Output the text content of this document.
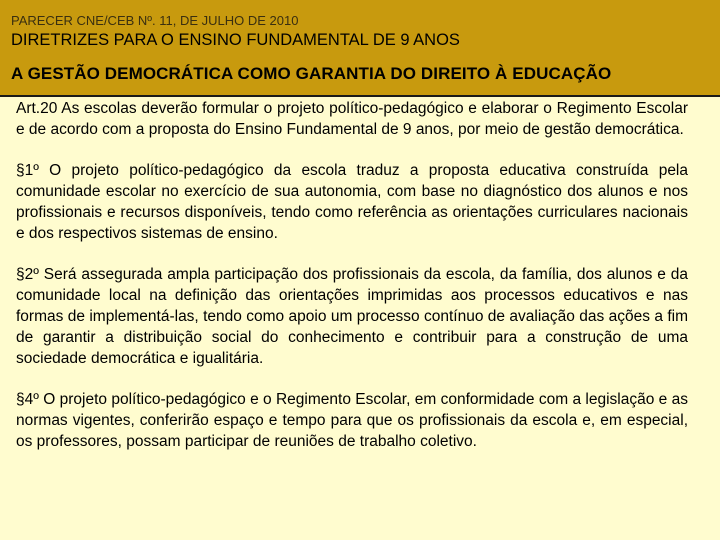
PARECER CNE/CEB Nº. 11, DE JULHO DE 2010
DIRETRIZES PARA O ENSINO FUNDAMENTAL DE 9 ANOS
A GESTÃO DEMOCRÁTICA COMO GARANTIA DO DIREITO À EDUCAÇÃO

Art.20 As escolas deverão formular o projeto político-pedagógico e elaborar o Regimento Escolar e de acordo com a proposta do Ensino Fundamental de 9 anos, por meio de gestão democrática.

§1º O projeto político-pedagógico da escola traduz a proposta educativa construída pela comunidade escolar no exercício de sua autonomia, com base no diagnóstico dos alunos e nos profissionais e recursos disponíveis, tendo como referência as orientações curriculares nacionais e dos respectivos sistemas de ensino.

§2º Será assegurada ampla participação dos profissionais da escola, da família, dos alunos e da comunidade local na definição das orientações imprimidas aos processos educativos e nas formas de implementá-las, tendo como apoio um processo contínuo de avaliação das ações a fim de garantir a distribuição social do conhecimento e contribuir para a construção de uma sociedade democrática e igualitária.

§4º O projeto político-pedagógico e o Regimento Escolar, em conformidade com a legislação e as normas vigentes, conferirão espaço e tempo para que os profissionais da escola e, em especial, os professores, possam participar de reuniões de trabalho coletivo.
